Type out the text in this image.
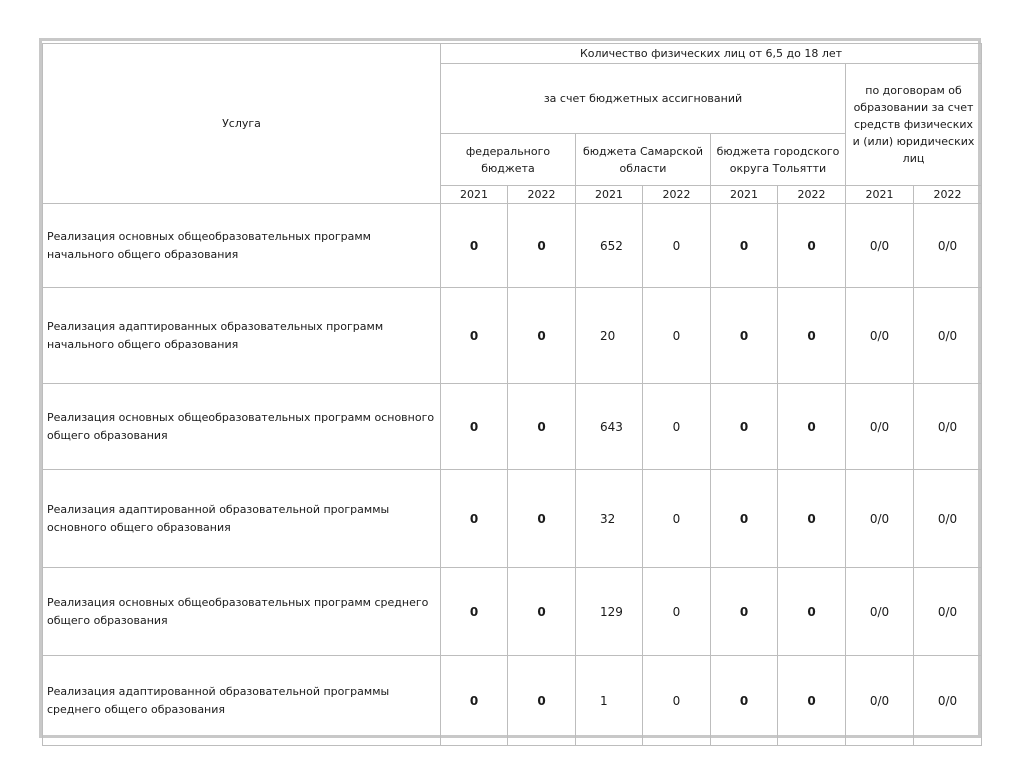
Услуга	Количество физических лиц от 6,5 до 18 лет							
	за счет бюджетных ассигнований						по договорам об образовании за счет средств физических и (или) юридических лиц	
	федерального бюджета		бюджета Самарской области		бюджета городского округа Тольятти			
	2021	2022	2021	2022	2021	2022	2021	2022
Реализация основных общеобразовательных программ начального общего образования	0	0	652	0	0	0	0/0	0/0
Реализация адаптированных образовательных программ начального общего образования	0	0	20	0	0	0	0/0	0/0
Реализация основных общеобразовательных программ основного общего образования	0	0	643	0	0	0	0/0	0/0
Реализация адаптированной образовательной программы основного общего образования	0	0	32	0	0	0	0/0	0/0
Реализация основных общеобразовательных программ среднего общего образования	0	0	129	0	0	0	0/0	0/0
Реализация адаптированной образовательной программы среднего общего образования	0	0	1	0	0	0	0/0	0/0
